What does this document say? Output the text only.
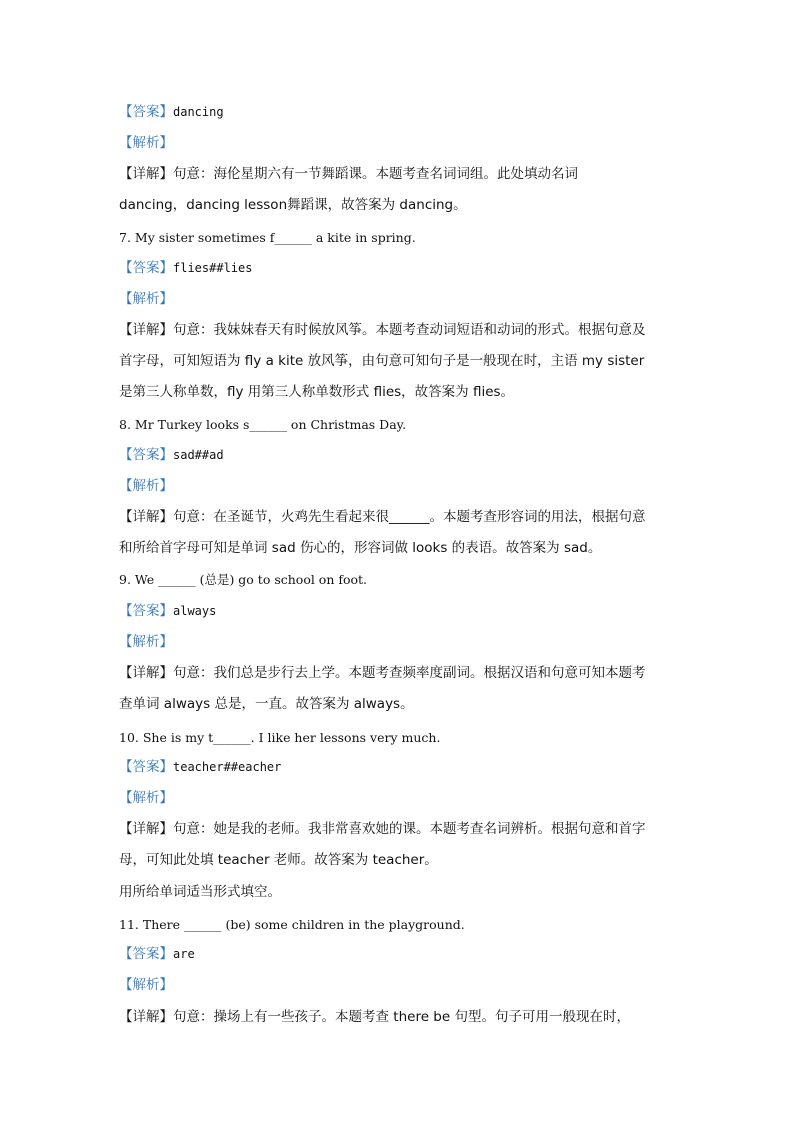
【答案】dancing
【解析】
【详解】句意：海伦星期六有一节舞蹈课。本题考查名词词组。此处填动名词
dancing，dancing lesson舞蹈课，故答案为 dancing。
7. My sister sometimes f______ a kite in spring.
【答案】flies##lies
【解析】
【详解】句意：我妹妹春天有时候放风筝。本题考查动词短语和动词的形式。根据句意及
首字母，可知短语为 fly a kite 放风筝，由句意可知句子是一般现在时，主语 my sister
是第三人称单数，fly 用第三人称单数形式 flies，故答案为 flies。
8. Mr Turkey looks s______ on Christmas Day.
【答案】sad##ad
【解析】
【详解】句意：在圣诞节，火鸡先生看起来很______。本题考查形容词的用法，根据句意
和所给首字母可知是单词 sad 伤心的，形容词做 looks 的表语。故答案为 sad。
9. We ______ (总是) go to school on foot.
【答案】always
【解析】
【详解】句意：我们总是步行去上学。本题考查频率度副词。根据汉语和句意可知本题考
查单词 always 总是，一直。故答案为 always。
10. She is my t______. I like her lessons very much.
【答案】teacher##eacher
【解析】
【详解】句意：她是我的老师。我非常喜欢她的课。本题考查名词辨析。根据句意和首字
母，可知此处填 teacher 老师。故答案为 teacher。
用所给单词适当形式填空。
11. There ______ (be) some children in the playground.
【答案】are
【解析】
【详解】句意：操场上有一些孩子。本题考查 there be 句型。句子可用一般现在时，
